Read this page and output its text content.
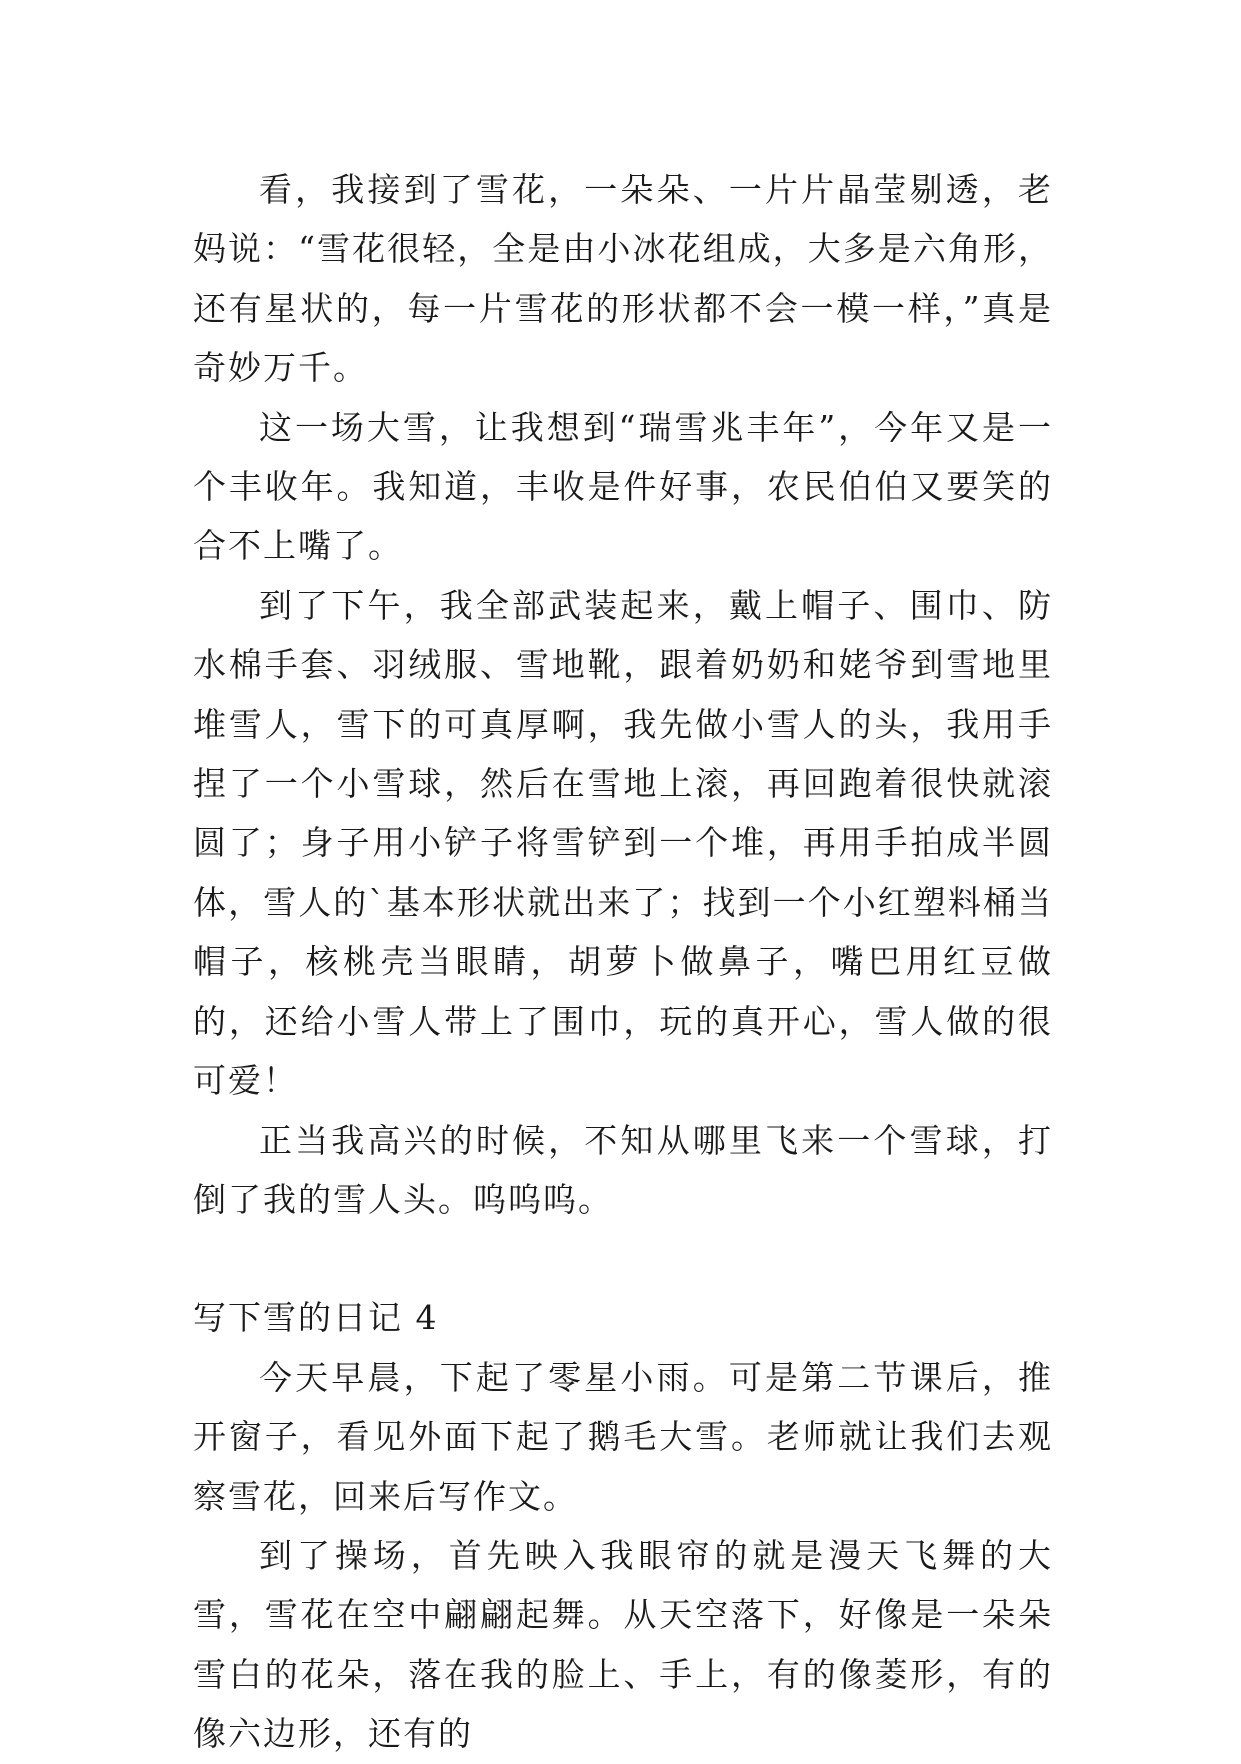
看，我接到了雪花，一朵朵、一片片晶莹剔透，老妈说：“雪花很轻，全是由小冰花组成，大多是六角形，还有星状的，每一片雪花的形状都不会一模一样，”真是奇妙万千。

这一场大雪，让我想到“瑞雪兆丰年”，今年又是一个丰收年。我知道，丰收是件好事，农民伯伯又要笑的合不上嘴了。

到了下午，我全部武装起来，戴上帽子、围巾、防水棉手套、羽绒服、雪地靴，跟着奶奶和姥爷到雪地里堆雪人，雪下的可真厚啊，我先做小雪人的头，我用手捏了一个小雪球，然后在雪地上滚，再回跑着很快就滚圆了；身子用小铲子将雪铲到一个堆，再用手拍成半圆体，雪人的`基本形状就出来了；找到一个小红塑料桶当帽子，核桃壳当眼睛，胡萝卜做鼻子，嘴巴用红豆做的，还给小雪人带上了围巾，玩的真开心，雪人做的很可爱！

正当我高兴的时候，不知从哪里飞来一个雪球，打倒了我的雪人头。呜呜呜。

写下雪的日记 4

今天早晨，下起了零星小雨。可是第二节课后，推开窗子，看见外面下起了鹅毛大雪。老师就让我们去观察雪花，回来后写作文。

到了操场，首先映入我眼帘的就是漫天飞舞的大雪，雪花在空中翩翩起舞。从天空落下，好像是一朵朵雪白的花朵，落在我的脸上、手上，有的像菱形，有的像六边形，还有的
